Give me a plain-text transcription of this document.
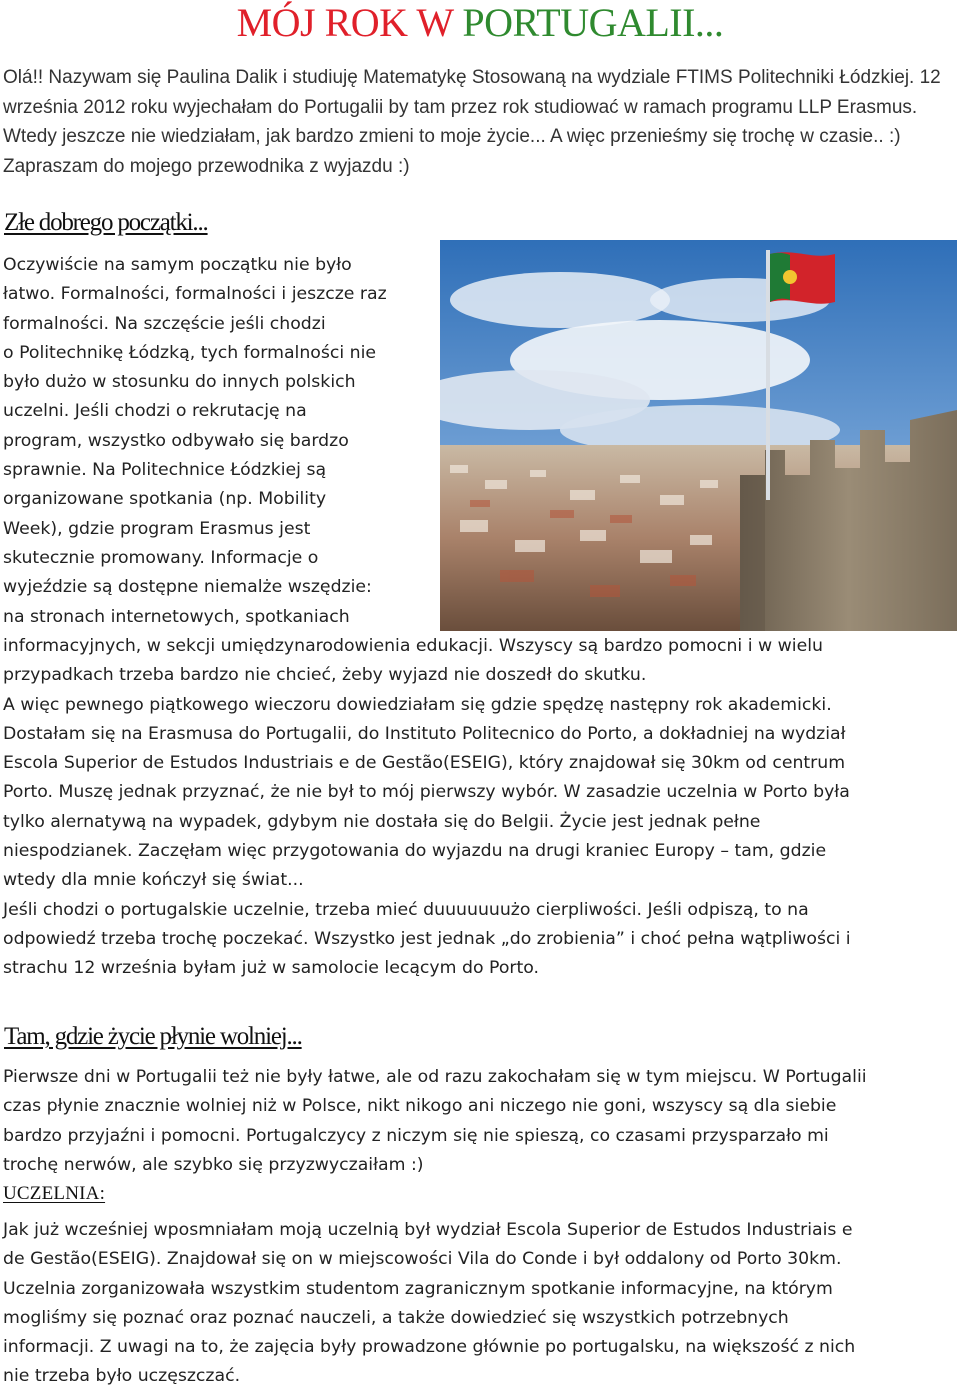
MÓJ ROK W PORTUGALII...
Olá!! Nazywam się Paulina Dalik i studiuję Matematykę Stosowaną na wydziale FTIMS Politechniki Łódzkiej. 12 września 2012 roku wyjechałam do Portugalii by tam przez rok studiować w ramach programu LLP Erasmus. Wtedy jeszcze nie wiedziałam, jak bardzo zmieni to moje życie... A więc przenieśmy się trochę w czasie.. :) Zapraszam do mojego przewodnika z wyjazdu :)
Złe dobrego początki...
Oczywiście na samym początku nie było
łatwo. Formalności, formalności i jeszcze raz
formalności. Na szczęście jeśli chodzi
o Politechnikę Łódzką, tych formalności nie
było dużo w stosunku do innych polskich
uczelni. Jeśli chodzi o rekrutację na
program, wszystko odbywało się bardzo
sprawnie. Na Politechnice Łódzkiej są
organizowane spotkania (np. Mobility
Week), gdzie program Erasmus jest
skutecznie promowany. Informacje o
wyjeździe są dostępne niemalże wszędzie:
na stronach internetowych, spotkaniach
informacyjnych, w sekcji umiędzynarodowienia edukacji. Wszyscy są bardzo pomocni i w wielu
przypadkach trzeba bardzo nie chcieć, żeby wyjazd nie doszedł do skutku.
A więc pewnego piątkowego wieczoru dowiedziałam się gdzie spędzę następny rok akademicki.
Dostałam się na Erasmusa do Portugalii, do Instituto Politecnico do Porto, a dokładniej na wydział
Escola Superior de Estudos Industriais e de Gestão(ESEIG), który znajdował się 30km od centrum
Porto. Muszę jednak przyznać, że nie był to mój pierwszy wybór. W zasadzie uczelnia w Porto była
tylko alernatywą na wypadek, gdybym nie dostała się do Belgii. Życie jest jednak pełne
niespodzianek. Zaczęłam więc przygotowania do wyjazdu na drugi kraniec Europy – tam, gdzie
wtedy dla mnie kończył się świat...
Jeśli chodzi o portugalskie uczelnie, trzeba mieć duuuuuuużo cierpliwości. Jeśli odpiszą, to na
odpowiedź trzeba trochę poczekać. Wszystko jest jednak „do zrobienia” i choć pełna wątpliwości i
strachu 12 września byłam już w samolocie lecącym do Porto.
Tam, gdzie życie płynie wolniej...
Pierwsze dni w Portugalii też nie były łatwe, ale od razu zakochałam się w tym miejscu. W Portugalii
czas płynie znacznie wolniej niż w Polsce, nikt nikogo ani niczego nie goni, wszyscy są dla siebie
bardzo przyjaźni i pomocni. Portugalczycy z niczym się nie spieszą, co czasami przysparzało mi
trochę nerwów, ale szybko się przyzwyczaiłam :)
UCZELNIA:
Jak już wcześniej wposmniałam moją uczelnią był wydział Escola Superior de Estudos Industriais e
de Gestão(ESEIG). Znajdował się on w miejscowości Vila do Conde i był oddalony od Porto 30km.
Uczelnia zorganizowała wszystkim studentom zagranicznym spotkanie informacyjne, na którym
mogliśmy się poznać oraz poznać nauczeli, a także dowiedzieć się wszystkich potrzebnych
informacji. Z uwagi na to, że zajęcia były prowadzone głównie po portugalsku, na większość z nich
nie trzeba było uczęszczać.
